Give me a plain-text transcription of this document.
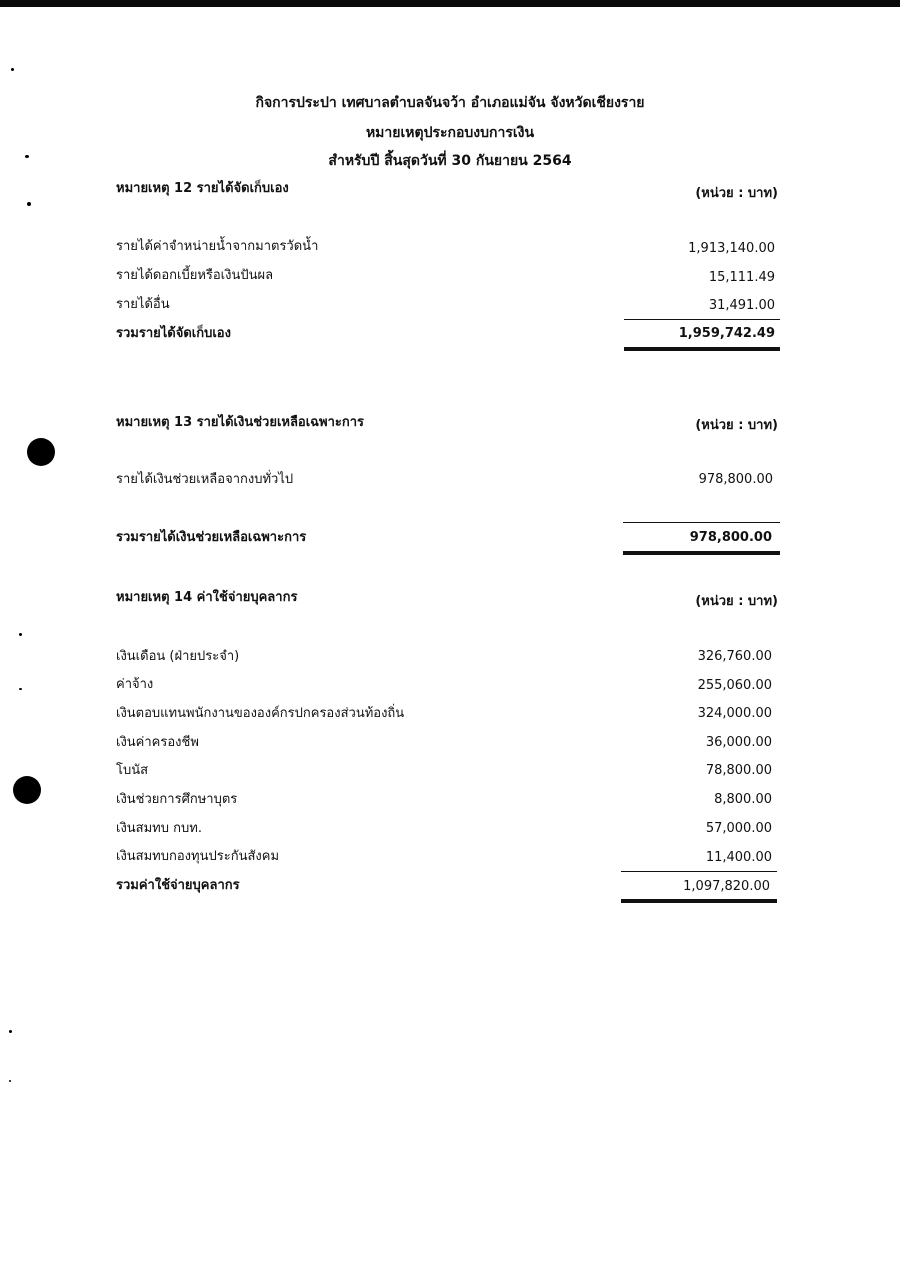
กิจการประปา เทศบาลตำบลจันจว้า อำเภอแม่จัน จังหวัดเชียงราย
หมายเหตุประกอบงบการเงิน
สำหรับปี สิ้นสุดวันที่ 30 กันยายน 2564
หมายเหตุ 12 รายได้จัดเก็บเอง	(หน่วย : บาท)
รายได้ค่าจำหน่ายน้ำจากมาตรวัดน้ำ	1,913,140.00
รายได้ดอกเบี้ยหรือเงินปันผล	15,111.49
รายได้อื่น	31,491.00
รวมรายได้จัดเก็บเอง	1,959,742.49
หมายเหตุ 13 รายได้เงินช่วยเหลือเฉพาะการ	(หน่วย : บาท)
รายได้เงินช่วยเหลือจากงบทั่วไป	978,800.00
รวมรายได้เงินช่วยเหลือเฉพาะการ	978,800.00
หมายเหตุ 14 ค่าใช้จ่ายบุคลากร	(หน่วย : บาท)
เงินเดือน (ฝ่ายประจำ)	326,760.00
ค่าจ้าง	255,060.00
เงินตอบแทนพนักงานขององค์กรปกครองส่วนท้องถิ่น	324,000.00
เงินค่าครองชีพ	36,000.00
โบนัส	78,800.00
เงินช่วยการศึกษาบุตร	8,800.00
เงินสมทบ กบท.	57,000.00
เงินสมทบกองทุนประกันสังคม	11,400.00
รวมค่าใช้จ่ายบุคลากร	1,097,820.00
